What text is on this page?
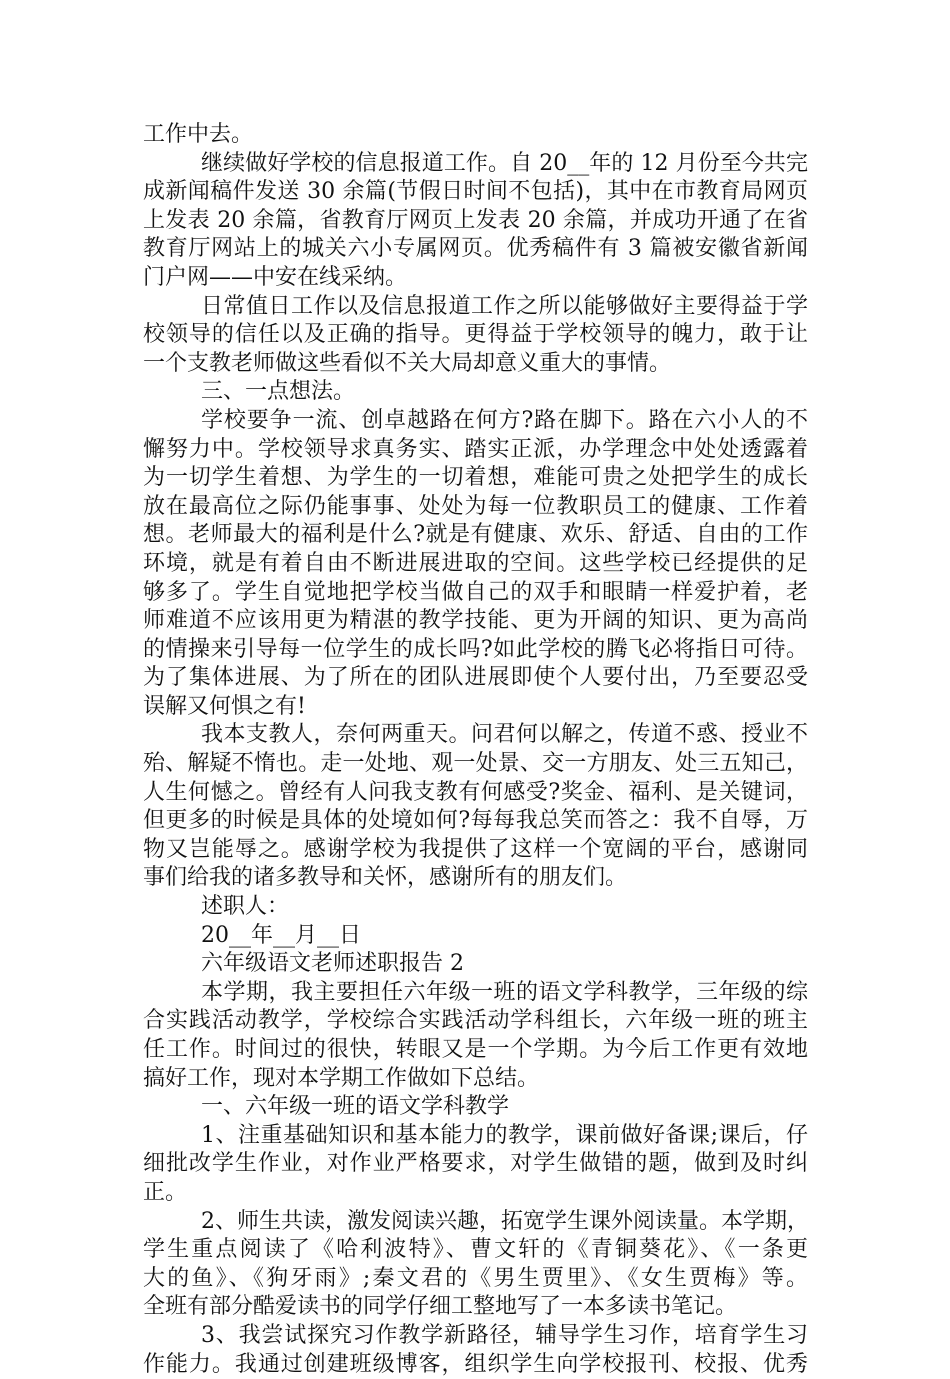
工作中去。
继续做好学校的信息报道工作。自 20__年的 12 月份至今共完
成新闻稿件发送 30 余篇(节假日时间不包括)，其中在市教育局网页
上发表 20 余篇，省教育厅网页上发表 20 余篇，并成功开通了在省
教育厅网站上的城关六小专属网页。优秀稿件有 3 篇被安徽省新闻
门户网——中安在线采纳。
日常值日工作以及信息报道工作之所以能够做好主要得益于学
校领导的信任以及正确的指导。更得益于学校领导的魄力，敢于让
一个支教老师做这些看似不关大局却意义重大的事情。
三、一点想法。
学校要争一流、创卓越路在何方?路在脚下。路在六小人的不
懈努力中。学校领导求真务实、踏实正派，办学理念中处处透露着
为一切学生着想、为学生的一切着想，难能可贵之处把学生的成长
放在最高位之际仍能事事、处处为每一位教职员工的健康、工作着
想。老师最大的福利是什么?就是有健康、欢乐、舒适、自由的工作
环境，就是有着自由不断进展进取的空间。这些学校已经提供的足
够多了。学生自觉地把学校当做自己的双手和眼睛一样爱护着，老
师难道不应该用更为精湛的教学技能、更为开阔的知识、更为高尚
的情操来引导每一位学生的成长吗?如此学校的腾飞必将指日可待。
为了集体进展、为了所在的团队进展即使个人要付出，乃至要忍受
误解又何惧之有!
我本支教人，奈何两重天。问君何以解之，传道不惑、授业不
殆、解疑不惰也。走一处地、观一处景、交一方朋友、处三五知己，
人生何憾之。曾经有人问我支教有何感受?奖金、福利、是关键词，
但更多的时候是具体的处境如何?每每我总笑而答之：我不自辱，万
物又岂能辱之。感谢学校为我提供了这样一个宽阔的平台，感谢同
事们给我的诸多教导和关怀，感谢所有的朋友们。
述职人：
20__年__月__日
六年级语文老师述职报告 2
本学期，我主要担任六年级一班的语文学科教学，三年级的综
合实践活动教学，学校综合实践活动学科组长，六年级一班的班主
任工作。时间过的很快，转眼又是一个学期。为今后工作更有效地
搞好工作，现对本学期工作做如下总结。
一、六年级一班的语文学科教学
1、注重基础知识和基本能力的教学，课前做好备课;课后，仔
细批改学生作业，对作业严格要求，对学生做错的题，做到及时纠
正。
2、师生共读，激发阅读兴趣，拓宽学生课外阅读量。本学期，
学生重点阅读了《哈利波特》、曹文轩的《青铜葵花》、《一条更
大的鱼》、《狗牙雨》;秦文君的《男生贾里》、《女生贾梅》等。
全班有部分酷爱读书的同学仔细工整地写了一本多读书笔记。
3、我尝试探究习作教学新路径，辅导学生习作，培育学生习
作能力。我通过创建班级博客，组织学生向学校报刊、校报、优秀
